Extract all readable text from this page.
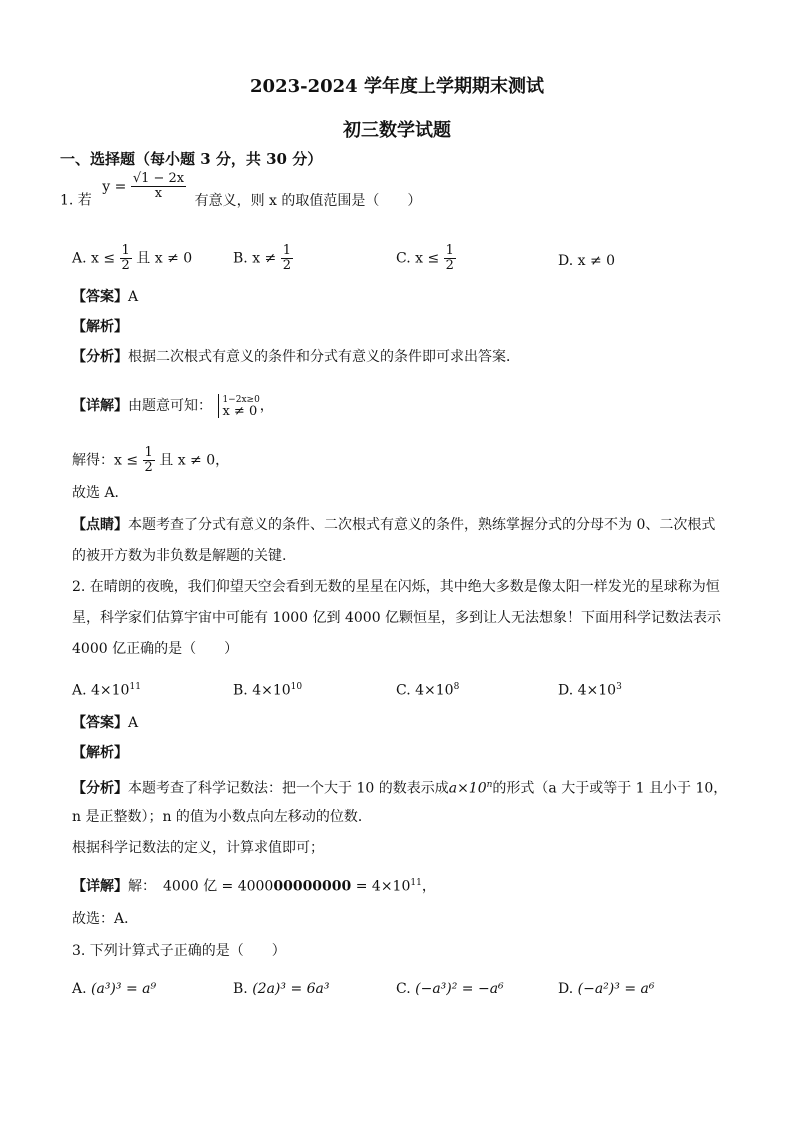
2023-2024 学年度上学期期末测试
初三数学试题
一、选择题（每小题 3 分，共 30 分）
1. 若 $y = \frac{√1 - 2x}{x}$ 有意义，则 x 的取值范围是（　　）
A. $x \le \frac{1}{2}$ 且 x ≠ 0	B. $x \ne \frac{1}{2}$	C. $x \le \frac{1}{2}$	D. x ≠ 0
【答案】A
【解析】
【分析】根据二次根式有意义的条件和分式有意义的条件即可求出答案．
【详解】由题意可知： 1−2x≥0
x ≠ 0 ，
解得：$x \le \frac{1}{2}$ 且 x ≠ 0，
故选 A．
【点睛】本题考查了分式有意义的条件、二次根式有意义的条件，熟练掌握分式的分母不为 0、二次根式
的被开方数为非负数是解题的关键.
2. 在晴朗的夜晚，我们仰望天空会看到无数的星星在闪烁，其中绝大多数是像太阳一样发光的星球称为恒
星，科学家们估算宇宙中可能有 1000 亿到 4000 亿颗恒星，多到让人无法想象！下面用科学记数法表示
4000 亿正确的是（　　）
A. $4\times 10^{11}$	B. $4\times 10^{10}$	C. $4\times 10^8$	D. $4\times 10^3$
【答案】A
【解析】
【分析】本题考查了科学记数法：把一个大于 10 的数表示成$a\times 10^n$的形式（a 大于或等于 1 且小于 10，
n 是正整数）；n 的值为小数点向左移动的位数．
根据科学记数法的定义，计算求值即可；
【详解】解：　4000 亿 = $400000000000 = 4\times 10^{11}$，
故选：A．
3. 下列计算式子正确的是（　　）
A. (a³)³ = a⁹	B. (2a)³ = 6a³	C. (−a³)² = −a⁶	D. (−a²)³ = a⁶
